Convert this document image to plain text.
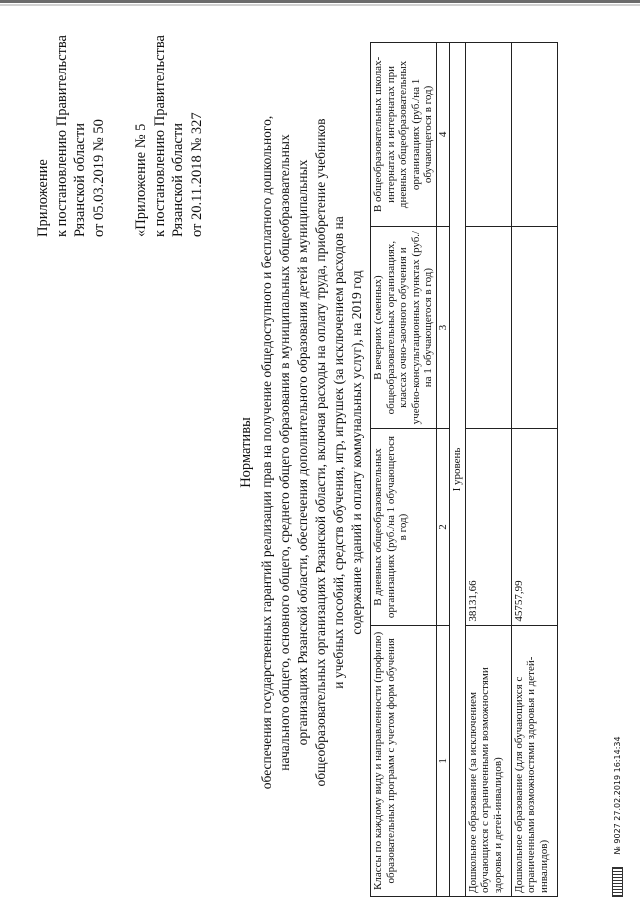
Приложение к постановлению Правительства Рязанской области от 05.03.2019 № 50 «Приложение № 5 к постановлению Правительства Рязанской области от 20.11.2018 № 327
Нормативы обеспечения государственных гарантий реализации прав на получение общедоступного и бесплатного дошкольного, начального общего, основного общего, среднего общего образования в муниципальных общеобразовательных организациях Рязанской области, обеспечения дополнительного образования детей в муниципальных общеобразовательных организациях Рязанской области, включая расходы на оплату труда, приобретение учебников и учебных пособий, средств обучения, игр, игрушек (за исключением расходов на содержание зданий и оплату коммунальных услуг), на 2019 год
Классы по каждому виду и направленности (профилю) образовательных программ с учетом форм обучения	В дневных общеобразовательных организациях (руб./на 1 обучающегося в год)	В вечерних (сменных) общеобразовательных организациях, классах очно-заочного обучения и учебно-консультационных пунктах (руб./на 1 обучающегося в год)	В общеобразовательных школах-интернатах и интернатах при дневных общеобразовательных организациях (руб./на 1 обучающегося в год)
1	2	3	4
I уровень			
Дошкольное образование (за исключением обучающихся с ограниченными возможностями здоровья и детей-инвалидов)	38131,66		
Дошкольное образование (для обучающихся с ограниченными возможностями здоровья и детей-инвалидов)	45757,99		
№ 9027 27.02.2019 16:14:34
